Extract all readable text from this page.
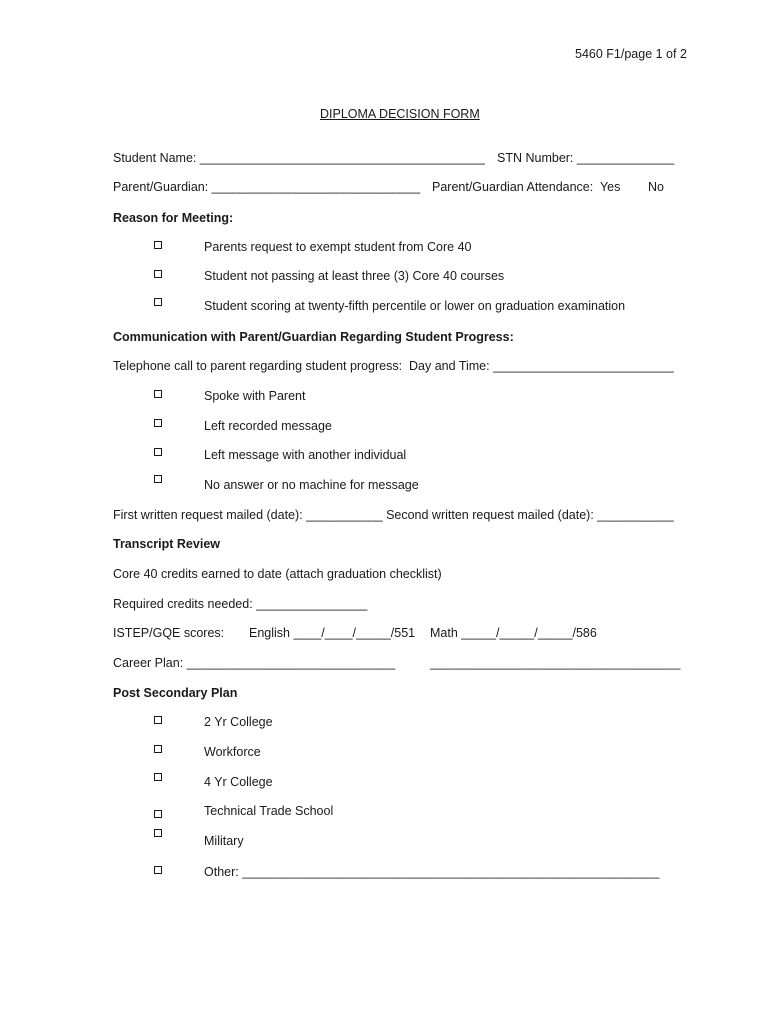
5460 F1/page 1 of 2
DIPLOMA DECISION FORM
Student Name: _________________________________________ STN Number: ______________
Parent/Guardian: ______________________________ Parent/Guardian Attendance:  Yes No
Reason for Meeting:
Parents request to exempt student from Core 40
Student not passing at least three (3) Core 40 courses
Student scoring at twenty-fifth percentile or lower on graduation examination
Communication with Parent/Guardian Regarding Student Progress:
Telephone call to parent regarding student progress:  Day and Time: __________________________
Spoke with Parent
Left recorded message
Left message with another individual
No answer or no machine for message
First written request mailed (date): ___________ Second written request mailed (date): ___________
Transcript Review
Core 40 credits earned to date (attach graduation checklist)
Required credits needed: ________________
ISTEP/GQE scores: English ____/____/_____/551 Math _____/_____/_____/586
Career Plan: ______________________________	____________________________________
Post Secondary Plan
2 Yr College
Workforce
4 Yr College
Technical Trade School
Military
Other: ____________________________________________________________
